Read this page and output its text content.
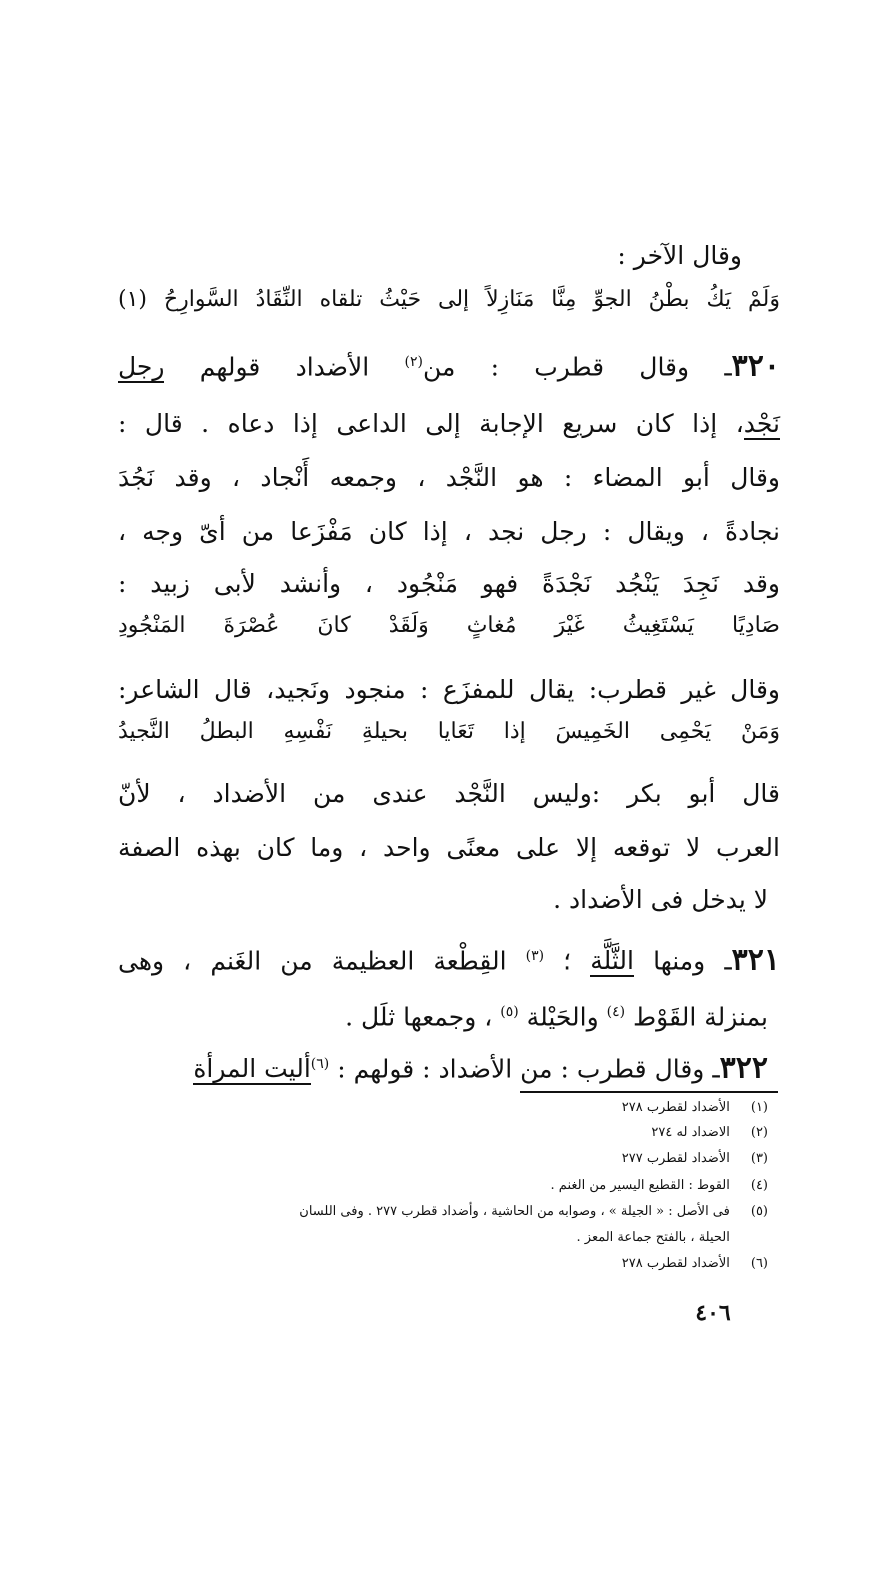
وقال الآخر :
وَلَمْ يَكُ بطْنُ الجوِّ مِنَّا مَنَازِلاً إلى حَيْثُ تلقاه النِّقَادُ السَّوارِحُ (١)
٣٢٠ـ وقال قطرب : من$^{(٢)}$ الأضداد قولهم رجل
نَجْد، إذا كان سريع الإجابة إلى الداعى إذا دعاه . قال :
وقال أبو المضاء : هو النَّجْد ، وجمعه أَنْجاد ، وقد نَجُدَ
نجادةً ، ويقال : رجل نجد ، إذا كان مَفْزَعا من أىّ وجه ،
وقد نَجِدَ يَنْجُد نَجْدَةً فهو مَنْجُود ، وأنشد لأبى زبيد :
صَادِيًا يَسْتَغِيثُ غَيْرَ مُغاثٍ وَلَقَدْ كانَ عُصْرَةَ المَنْجُودِ
وقال غير قطرب: يقال للمفزَع : منجود ونَجيد، قال الشاعر:
وَمَنْ يَحْمِى الخَمِيسَ إذا تَعَايا بحيلةِ نَفْسِهِ البطلُ النَّجيدُ
قال أبو بكر :وليس النَّجْد عندى من الأضداد ، لأنّ
العرب لا توقعه إلا على معنًى واحد ، وما كان بهذه الصفة
لا يدخل فى الأضداد .
٣٢١ـ ومنها الثَّلَّة ؛ $^{(٣)}$ القِطْعة العظيمة من الغَنم ، وهى
بمنزلة القَوْط $^{(٤)}$ والحَيْلة $^{(٥)}$ ، وجمعها ثلَل .
٣٢٢ـ وقال قطرب : من الأضداد : قولهم : $^{(٦)}$أليت المرأة
(١) الأضداد لقطرب ٢٧٨
(٢) الاضداد له ٢٧٤
(٣) الأضداد لقطرب ٢٧٧
(٤) القوط : القطيع اليسير من الغنم .
(٥) فى الأصل : « الجيلة » ، وصوابه من الحاشية ، وأضداد قطرب ٢٧٧ . وفى اللسان
الحيلة ، بالفتح جماعة المعز .
(٦) الأضداد لقطرب ٢٧٨
٤٠٦
